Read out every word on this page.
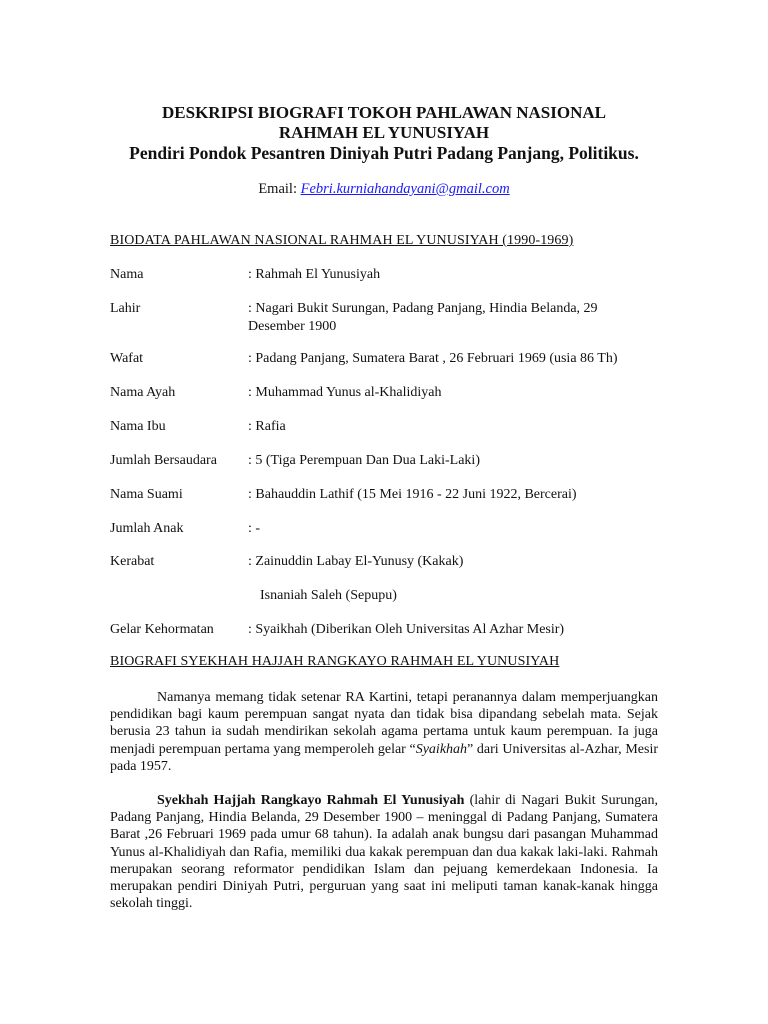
DESKRIPSI BIOGRAFI TOKOH PAHLAWAN NASIONAL
RAHMAH EL YUNUSIYAH
Pendiri Pondok Pesantren Diniyah Putri Padang Panjang, Politikus.
Email: Febri.kurniahandayani@gmail.com
BIODATA PAHLAWAN NASIONAL RAHMAH EL YUNUSIYAH (1990-1969)
Nama	: Rahmah El Yunusiyah
Lahir	: Nagari Bukit Surungan, Padang Panjang, Hindia Belanda, 29 Desember 1900
Wafat	: Padang Panjang, Sumatera Barat , 26 Februari 1969 (usia 86 Th)
Nama Ayah	: Muhammad Yunus al-Khalidiyah
Nama Ibu	: Rafia
Jumlah Bersaudara	: 5 (Tiga Perempuan Dan Dua Laki-Laki)
Nama Suami	: Bahauddin Lathif (15 Mei 1916 - 22 Juni 1922, Bercerai)
Jumlah Anak	: -
Kerabat	: Zainuddin Labay El-Yunusy (Kakak)
Isnaniah Saleh (Sepupu)
Gelar Kehormatan	: Syaikhah (Diberikan Oleh Universitas Al Azhar Mesir)
BIOGRAFI SYEKHAH HAJJAH RANGKAYO RAHMAH EL YUNUSIYAH
Namanya memang tidak setenar RA Kartini, tetapi peranannya dalam memperjuangkan pendidikan bagi kaum perempuan sangat nyata dan tidak bisa dipandang sebelah mata. Sejak berusia 23 tahun ia sudah mendirikan sekolah agama pertama untuk kaum perempuan. Ia juga menjadi perempuan pertama yang memperoleh gelar “Syaikhah” dari Universitas al-Azhar, Mesir pada 1957.
Syekhah Hajjah Rangkayo Rahmah El Yunusiyah (lahir di Nagari Bukit Surungan, Padang Panjang, Hindia Belanda, 29 Desember 1900 – meninggal di Padang Panjang, Sumatera Barat ,26 Februari 1969 pada umur 68 tahun). Ia adalah anak bungsu dari pasangan Muhammad Yunus al-Khalidiyah dan Rafia, memiliki dua kakak perempuan dan dua kakak laki-laki. Rahmah merupakan seorang reformator pendidikan Islam dan pejuang kemerdekaan Indonesia. Ia merupakan pendiri Diniyah Putri, perguruan yang saat ini meliputi taman kanak-kanak hingga sekolah tinggi.
